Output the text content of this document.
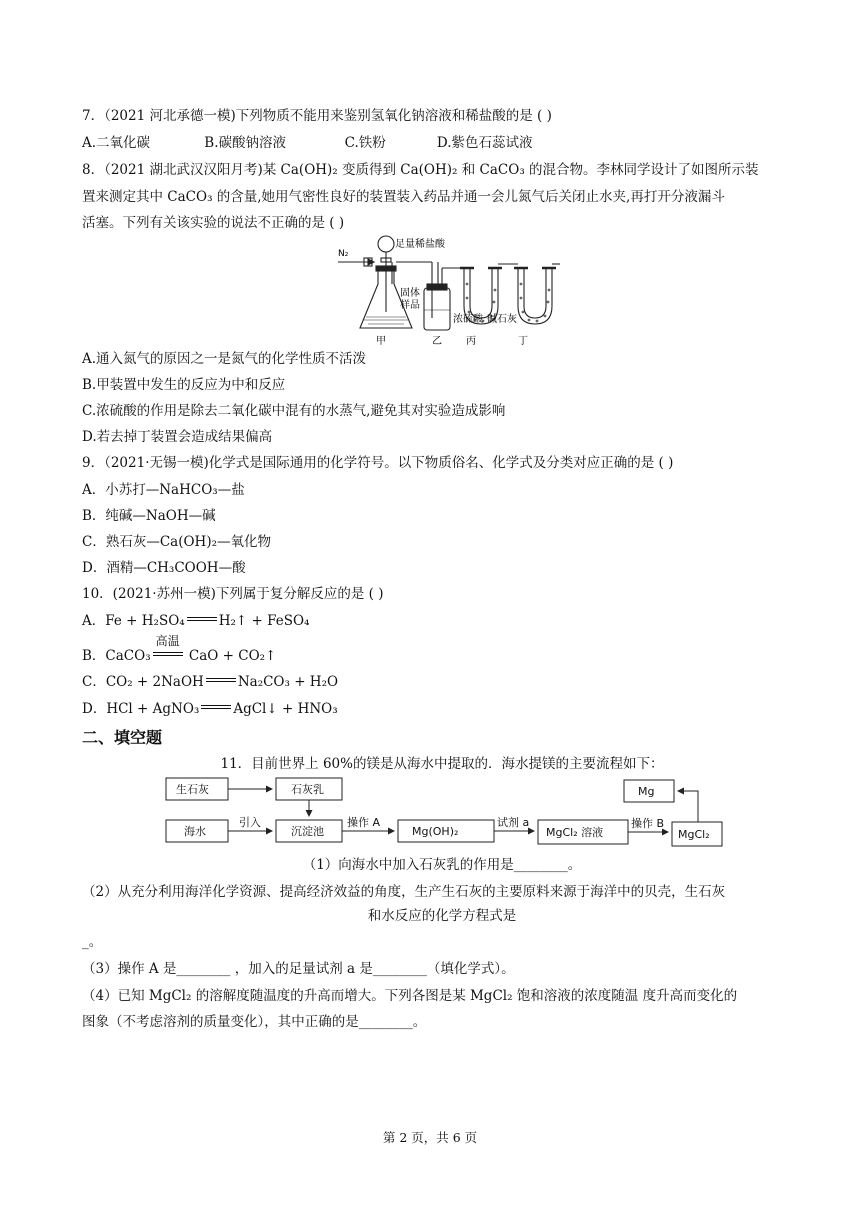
7．（2021 河北承德一模)下列物质不能用来鉴别氢氧化钠溶液和稀盐酸的是 ( )
A.二氧化碳	B.碳酸钠溶液	C.铁粉	D.紫色石蕊试液
8．（2021 湖北武汉汉阳月考)某 Ca(OH)₂ 变质得到 Ca(OH)₂ 和 CaCO₃ 的混合物。李林同学设计了如图所示装
置来测定其中 CaCO₃ 的含量,她用气密性良好的装置装入药品并通一会儿氮气后关闭止水夹,再打开分液漏斗
活塞。下列有关该实验的说法不正确的是 ( )
N₂
足量稀盐酸
固体
样品
浓硫酸 碱石灰
甲	乙 丙	丁
A.通入氮气的原因之一是氮气的化学性质不活泼
B.甲装置中发生的反应为中和反应
C.浓硫酸的作用是除去二氧化碳中混有的水蒸气,避免其对实验造成影响
D.若去掉丁装置会造成结果偏高
9．（2021·无锡一模)化学式是国际通用的化学符号。以下物质俗名、化学式及分类对应正确的是 ( )
A．小苏打—NaHCO₃—盐
B．纯碱—NaOH—碱
C．熟石灰—Ca(OH)₂—氧化物
D．酒精—CH₃COOH—酸
10．(2021·苏州一模)下列属于复分解反应的是 ( )
A．Fe + H₂SO₄	H₂↑ + FeSO₄
B．CaCO₃
高温
CaO + CO₂↑
C．CO₂ + 2NaOH	Na₂CO₃ + H₂O
D．HCl + AgNO₃	AgCl↓ + HNO₃
二、填空题
11．目前世界上 60%的镁是从海水中提取的．海水提镁的主要流程如下：
生石灰	石灰乳
海水
引入
沉淀池
操作 A
Mg(OH)₂
试剂 a
MgCl₂ 溶液
操作 B
MgCl₂
Mg
（1）向海水中加入石灰乳的作用是________。
（2）从充分利用海洋化学资源、提高经济效益的角度，生产生石灰的主要原料来源于海洋中的贝壳，生石灰
和水反应的化学方程式是
_。
（3）操作 A 是________ ，加入的足量试剂 a 是________（填化学式）。
（4）已知 MgCl₂ 的溶解度随温度的升高而增大。下列各图是某 MgCl₂ 饱和溶液的浓度随温 度升高而变化的
图象（不考虑溶剂的质量变化），其中正确的是________。
第 2 页，共 6 页
